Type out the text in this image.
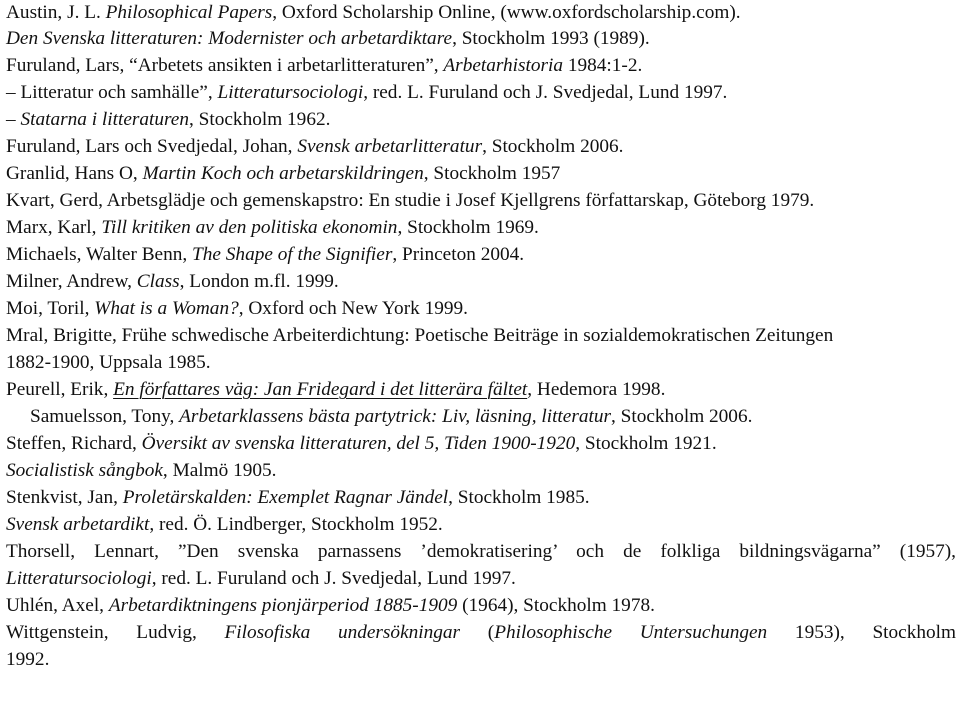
Austin, J. L. Philosophical Papers, Oxford Scholarship Online, (www.oxfordscholarship.com).
Den Svenska litteraturen: Modernister och arbetardiktare, Stockholm 1993 (1989).
Furuland, Lars, “Arbetets ansikten i arbetarlitteraturen”, Arbetarhistoria 1984:1-2.
– Litteratur och samhälle”, Litteratursociologi, red. L. Furuland och J. Svedjedal, Lund 1997.
– Statarna i litteraturen, Stockholm 1962.
Furuland, Lars och Svedjedal, Johan, Svensk arbetarlitteratur, Stockholm 2006.
Granlid, Hans O, Martin Koch och arbetarskildringen, Stockholm 1957
Kvart, Gerd, Arbetsglädje och gemenskapstro: En studie i Josef Kjellgrens författarskap, Göteborg 1979.
Marx, Karl, Till kritiken av den politiska ekonomin, Stockholm 1969.
Michaels, Walter Benn, The Shape of the Signifier, Princeton 2004.
Milner, Andrew, Class, London m.fl. 1999.
Moi, Toril, What is a Woman?, Oxford och New York 1999.
Mral, Brigitte, Frühe schwedische Arbeiterdichtung: Poetische Beiträge in sozialdemokratischen Zeitungen
1882-1900, Uppsala 1985.
Peurell, Erik, En författares väg: Jan Fridegard i det litterära fältet, Hedemora 1998.
Samuelsson, Tony, Arbetarklassens bästa partytrick: Liv, läsning, litteratur, Stockholm 2006.
Steffen, Richard, Översikt av svenska litteraturen, del 5, Tiden 1900-1920, Stockholm 1921.
Socialistisk sångbok, Malmö 1905.
Stenkvist, Jan, Proletärskalden: Exemplet Ragnar Jändel, Stockholm 1985.
Svensk arbetardikt, red. Ö. Lindberger, Stockholm 1952.
Thorsell, Lennart, ”Den svenska parnassens ’demokratisering’ och de folkliga bildningsvägarna” (1957),
Litteratursociologi, red. L. Furuland och J. Svedjedal, Lund 1997.
Uhlén, Axel, Arbetardiktningens pionjärperiod 1885-1909 (1964), Stockholm 1978.
Wittgenstein, Ludvig, Filosofiska undersökningar (Philosophische Untersuchungen 1953), Stockholm
1992.
